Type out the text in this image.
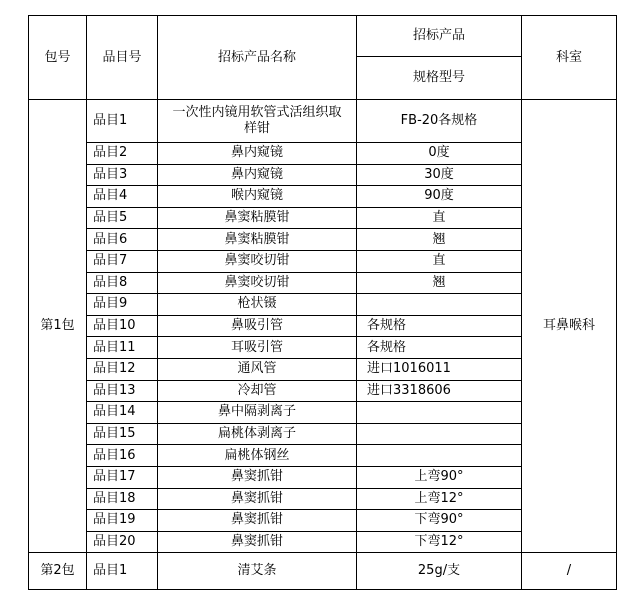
包号	品目号	招标产品名称	招标产品	科室
			规格型号	
第1包	品目1	一次性内镜用软管式活组织取样钳	FB-20各规格	耳鼻喉科
	品目2	鼻内窥镜	0度	
	品目3	鼻内窥镜	30度	
	品目4	喉内窥镜	90度	
	品目5	鼻窦粘膜钳	直	
	品目6	鼻窦粘膜钳	翘	
	品目7	鼻窦咬切钳	直	
	品目8	鼻窦咬切钳	翘	
	品目9	枪状镊		
	品目10	鼻吸引管	各规格	
	品目11	耳吸引管	各规格	
	品目12	通风管	进口1016011	
	品目13	冷却管	进口3318606	
	品目14	鼻中隔剥离子		
	品目15	扁桃体剥离子		
	品目16	扁桃体钢丝		
	品目17	鼻窦抓钳	上弯90°	
	品目18	鼻窦抓钳	上弯12°	
	品目19	鼻窦抓钳	下弯90°	
	品目20	鼻窦抓钳	下弯12°	
第2包	品目1	清艾条	25g/支	/
